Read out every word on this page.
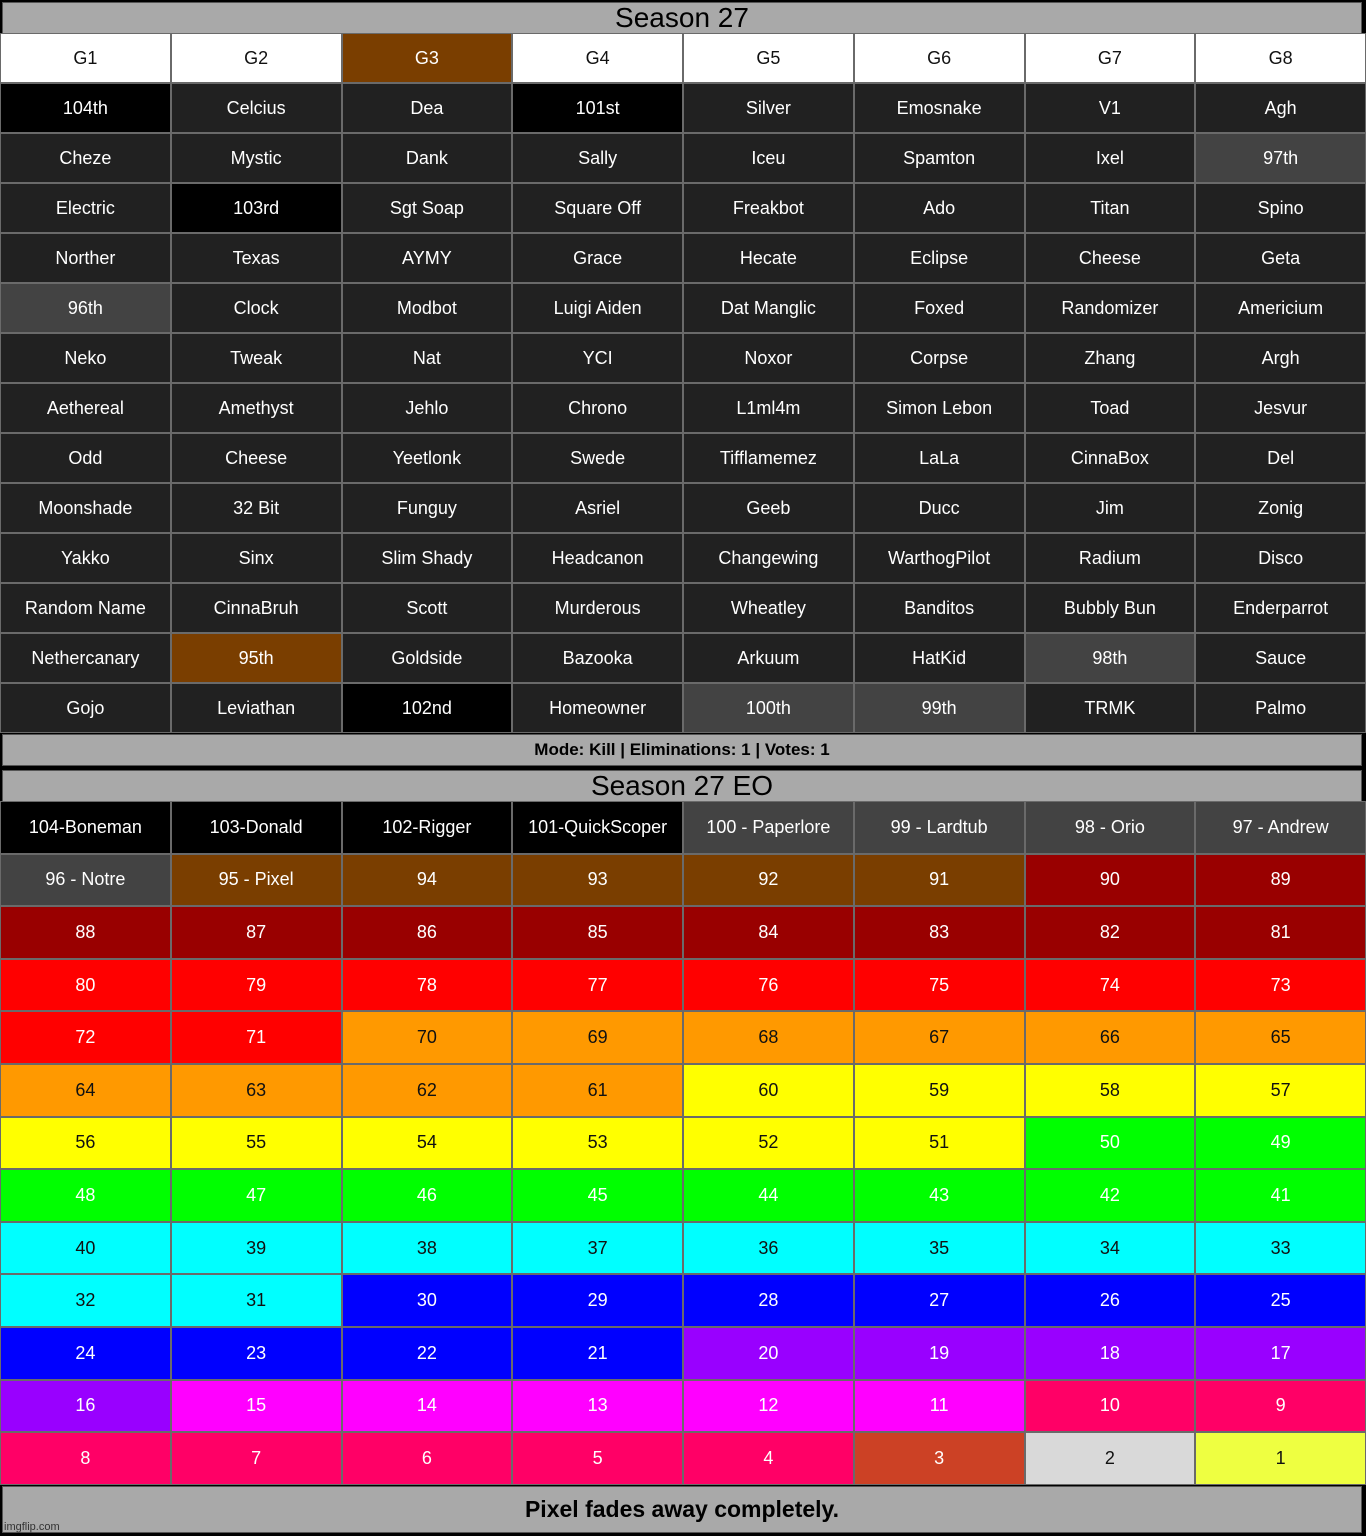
Season 27
G1	G2	G3	G4	G5	G6	G7	G8
104th	Celcius	Dea	101st	Silver	Emosnake	V1	Agh
Cheze	Mystic	Dank	Sally	Iceu	Spamton	Ixel	97th
Electric	103rd	Sgt Soap	Square Off	Freakbot	Ado	Titan	Spino
Norther	Texas	AYMY	Grace	Hecate	Eclipse	Cheese	Geta
96th	Clock	Modbot	Luigi Aiden	Dat Manglic	Foxed	Randomizer	Americium
Neko	Tweak	Nat	YCI	Noxor	Corpse	Zhang	Argh
Aethereal	Amethyst	Jehlo	Chrono	L1ml4m	Simon Lebon	Toad	Jesvur
Odd	Cheese	Yeetlonk	Swede	Tifflamemez	LaLa	CinnaBox	Del
Moonshade	32 Bit	Funguy	Asriel	Geeb	Ducc	Jim	Zonig
Yakko	Sinx	Slim Shady	Headcanon	Changewing	WarthogPilot	Radium	Disco
Random Name	CinnaBruh	Scott	Murderous	Wheatley	Banditos	Bubbly Bun	Enderparrot
Nethercanary	95th	Goldside	Bazooka	Arkuum	HatKid	98th	Sauce
Gojo	Leviathan	102nd	Homeowner	100th	99th	TRMK	Palmo
Mode: Kill | Eliminations: 1 | Votes: 1
Season 27 EO
104-Boneman	103-Donald	102-Rigger	101-QuickScoper	100 - Paperlore	99 - Lardtub	98 - Orio	97 - Andrew
96 - Notre	95 - Pixel	94	93	92	91	90	89
88	87	86	85	84	83	82	81
80	79	78	77	76	75	74	73
72	71	70	69	68	67	66	65
64	63	62	61	60	59	58	57
56	55	54	53	52	51	50	49
48	47	46	45	44	43	42	41
40	39	38	37	36	35	34	33
32	31	30	29	28	27	26	25
24	23	22	21	20	19	18	17
16	15	14	13	12	11	10	9
8	7	6	5	4	3	2	1
Pixel fades away completely.
imgflip.com
